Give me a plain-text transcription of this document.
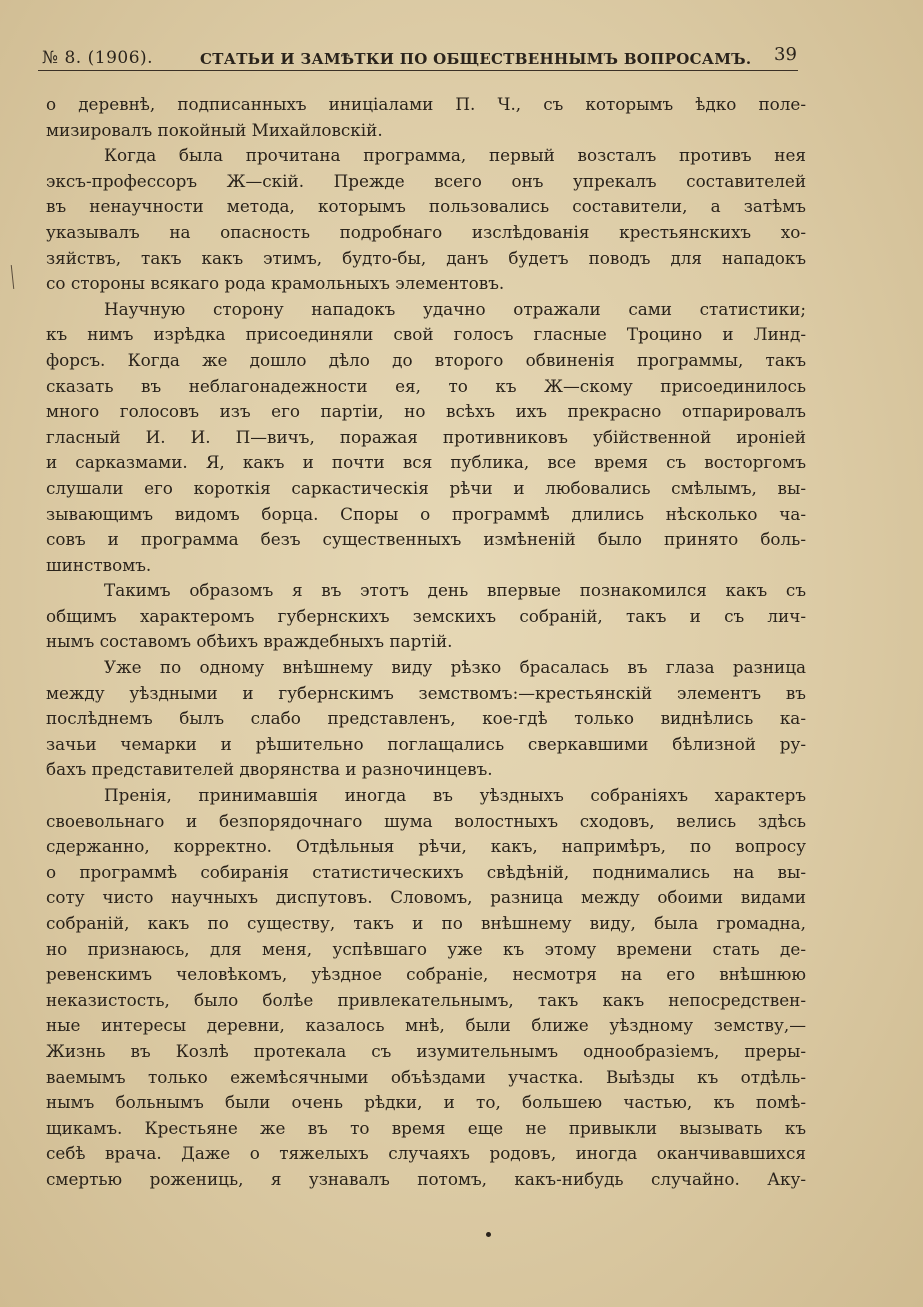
№ 8. (1906).	СТАТЬИ И ЗАМѢТКИ ПО ОБЩЕСТВЕННЫМЪ ВОПРОСАМЪ. 39
о деревнѣ, подписанныхъ иниціалами П. Ч., съ которымъ ѣдко поле-
мизировалъ покойный Михайловскій.
Когда была прочитана программа, первый возсталъ противъ нея
эксъ-профессоръ Ж—скій. Прежде всего онъ упрекалъ составителей
въ ненаучности метода, которымъ пользовались составители, а затѣмъ
указывалъ на опасность подробнаго изслѣдованія крестьянскихъ хо-
зяйствъ, такъ какъ этимъ, будто-бы, данъ будетъ поводъ для нападокъ
со стороны всякаго рода крамольныхъ элементовъ.
Научную сторону нападокъ удачно отражали сами статистики;
къ нимъ изрѣдка присоединяли свой голосъ гласные Троцино и Линд-
форсъ. Когда же дошло дѣло до второго обвиненія программы, такъ
сказать въ неблагонадежности ея, то къ Ж—скому присоединилось
много голосовъ изъ его партіи, но всѣхъ ихъ прекрасно отпарировалъ
гласный И. И. П—вичъ, поражая противниковъ убійственной ироніей
и сарказмами. Я, какъ и почти вся публика, все время съ восторгомъ
слушали его короткія саркастическія рѣчи и любовались смѣлымъ, вы-
зывающимъ видомъ борца. Споры о программѣ длились нѣсколько ча-
совъ и программа безъ существенныхъ измѣненій было принято боль-
шинствомъ.
Такимъ образомъ я въ этотъ день впервые познакомился какъ съ
общимъ характеромъ губернскихъ земскихъ собраній, такъ и съ лич-
нымъ составомъ обѣихъ враждебныхъ партій.
Уже по одному внѣшнему виду рѣзко брасалась въ глаза разница
между уѣздными и губернскимъ земствомъ:—крестьянскій элементъ въ
послѣднемъ былъ слабо представленъ, кое-гдѣ только виднѣлись ка-
зачьи чемарки и рѣшительно поглащались сверкавшими бѣлизной ру-
бахъ представителей дворянства и разночинцевъ.
Пренія, принимавшія иногда въ уѣздныхъ собраніяхъ характеръ
своевольнаго и безпорядочнаго шума волостныхъ сходовъ, велись здѣсь
сдержанно, корректно. Отдѣльныя рѣчи, какъ, напримѣръ, по вопросу
о программѣ собиранія статистическихъ свѣдѣній, поднимались на вы-
соту чисто научныхъ диспутовъ. Словомъ, разница между обоими видами
собраній, какъ по существу, такъ и по внѣшнему виду, была громадна,
но признаюсь, для меня, успѣвшаго уже къ этому времени стать де-
ревенскимъ человѣкомъ, уѣздное собраніе, несмотря на его внѣшнюю
неказистость, было болѣе привлекательнымъ, такъ какъ непосредствен-
ные интересы деревни, казалось мнѣ, были ближе уѣздному земству,—
Жизнь въ Козлѣ протекала съ изумительнымъ однообразіемъ, преры-
ваемымъ только ежемѣсячными объѣздами участка. Выѣзды къ отдѣль-
нымъ больнымъ были очень рѣдки, и то, большею частью, къ помѣ-
щикамъ. Крестьяне же въ то время еще не привыкли вызывать къ
себѣ врача. Даже о тяжелыхъ случаяхъ родовъ, иногда оканчивавшихся
смертью рожениць, я узнавалъ потомъ, какъ-нибудь случайно. Аку-
